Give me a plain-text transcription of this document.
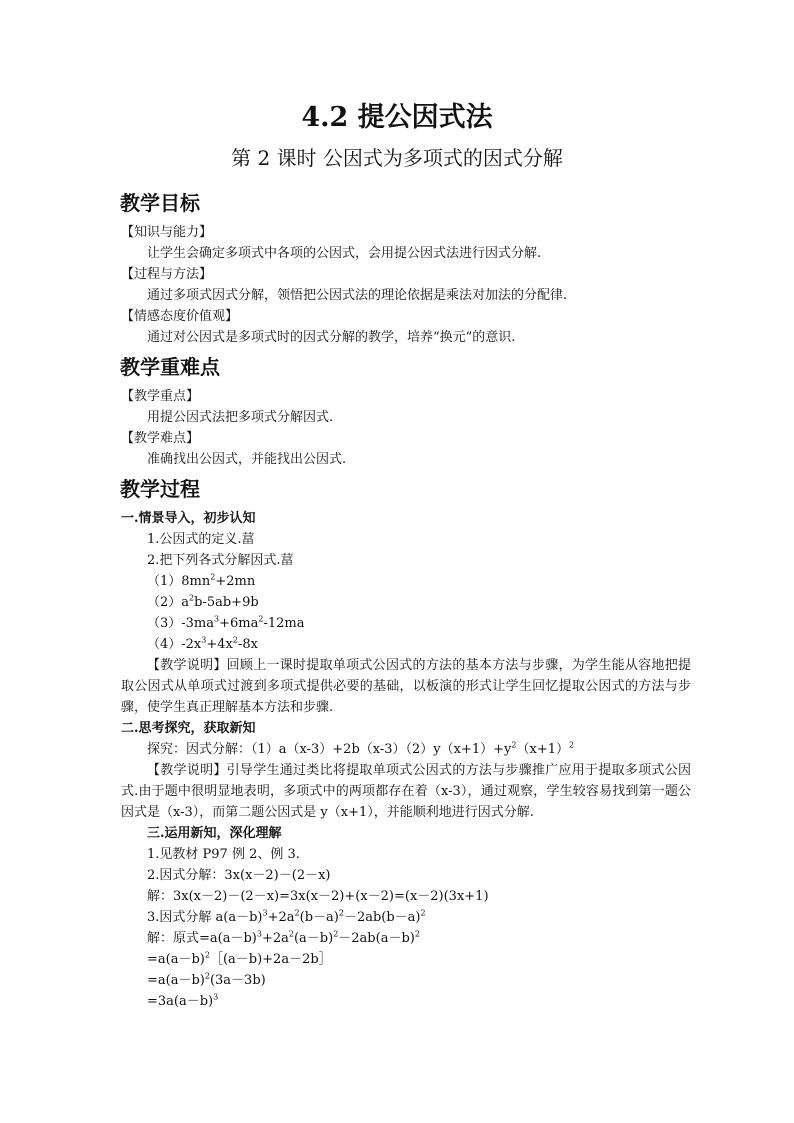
4.2 提公因式法
第 2 课时 公因式为多项式的因式分解
教学目标
【知识与能力】
让学生会确定多项式中各项的公因式，会用提公因式法进行因式分解.
【过程与方法】
通过多项式因式分解，领悟把公因式法的理论依据是乘法对加法的分配律.
【情感态度价值观】
通过对公因式是多项式时的因式分解的教学，培养“换元”的意识.
教学重难点
【教学重点】
用提公因式法把多项式分解因式.
【教学难点】
准确找出公因式，并能找出公因式.
教学过程
一.情景导入，初步认知
1.公因式的定义.葍
2.把下列各式分解因式.葍
$(1)8mn^2+2mn$
$(2)a^2b-5ab+9b$
$(3)-3ma^3+6ma^2-12ma$
$(4)-2x^3+4x^2-8x$
【教学说明】回顾上一课时提取单项式公因式的方法的基本方法与步骤，为学生能从容地把提取公因式从单项式过渡到多项式提供必要的基础，以板演的形式让学生回忆提取公因式的方法与步骤，使学生真正理解基本方法和步骤.
二.思考探究，获取新知
探究：因式分解：$(1)a(x-3)+2b(x-3)(2)y(x+1)+y^2(x+1)^2$
【教学说明】引导学生通过类比将提取单项式公因式的方法与步骤推广应用于提取多项式公因式.由于题中很明显地表明，多项式中的两项都存在着（x-3），通过观察，学生较容易找到第一题公因式是（x-3），而第二题公因式是 y（x+1），并能顺利地进行因式分解.
三.运用新知，深化理解
1.见教材 P97 例 2、例 3.
2.因式分解：3x(x－2)－(2－x)
解：3x(x－2)－(2－x)=3x(x－2)+(x－2)=(x－2)(3x+1)
3.因式分解 $a(a-b)^3+2a^2(b-a)^2-2ab(b-a)^2$
解：原式$=a(a-b)^3+2a^2(a-b)^2-2ab(a-b)^2$
$=a(a-b)^2[(a-b)+2a-2b]$
$=a(a-b)^2(3a-3b)$
$=3a(a-b)^3$
